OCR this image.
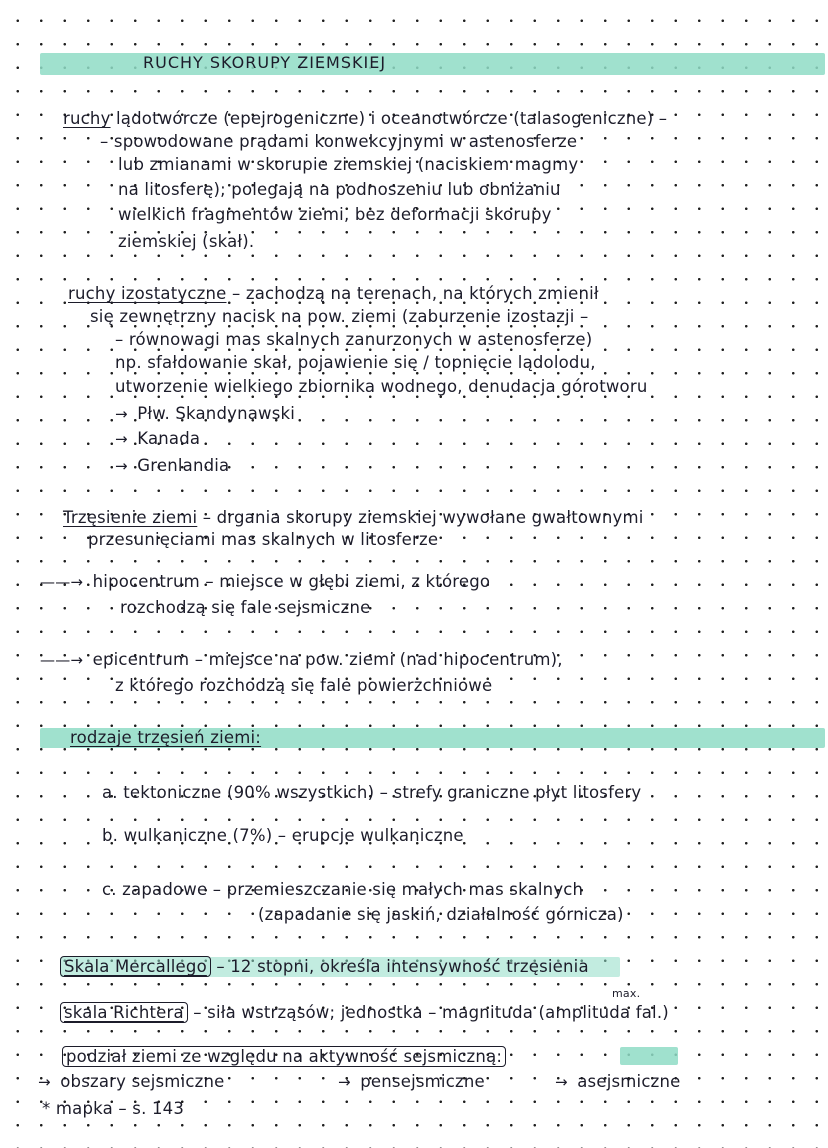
RUCHY SKORUPY ZIEMSKIEJ
ruchy lądotwórcze (epejrogeniczne) i oceanotwórcze (talasogeniczne) –
– spowodowane prądami konwekcyjnymi w astenosferze
lub zmianami w skorupie ziemskiej (naciskiem magmy
na litosferę); polegają na podnoszeniu lub obniżaniu
wielkich fragmentów ziemi, bez deformacji skorupy
ziemskiej (skał).
ruchy izostatyczne – zachodzą na terenach, na których zmienił
się zewnętrzny nacisk na pow. ziemi (zaburzenie izostazji –
– równowagi mas skalnych zanurzonych w astenosferze)
np. sfałdowanie skał, pojawienie się / topnięcie lądolodu,
utworzenie wielkiego zbiornika wodnego, denudacja górotworu
→ Płw. Skandynawski
→ Kanada
→ Grenlandia
Trzęsienie ziemi – drgania skorupy ziemskiej wywołane gwałtownymi
przesunięciami mas skalnych w litosferze
——→ hipocentrum – miejsce w głębi ziemi, z którego
rozchodzą się fale sejsmiczne
——→ epicentrum – miejsce na pow. ziemi (nad hipocentrum),
z którego rozchodzą się fale powierzchniowe
rodzaje trzęsień ziemi:
a. tektoniczne (90% wszystkich) – strefy graniczne płyt litosfery
b. wulkaniczne (7%) – erupcje wulkaniczne
c. zapadowe – przemieszczanie się małych mas skalnych
(zapadanie się jaskiń, działalność górnicza)
Skala Mercallego – 12 stopni, określa intensywność trzęsienia
max.
skala Richtera – siła wstrząsów; jednostka – magnituda (amplituda fal.)
podział ziemi ze względu na aktywność sejsmiczną:
→ obszary sejsmiczne	→ pensejsmiczne	→ asejsmiczne
* mapka – s. 143
